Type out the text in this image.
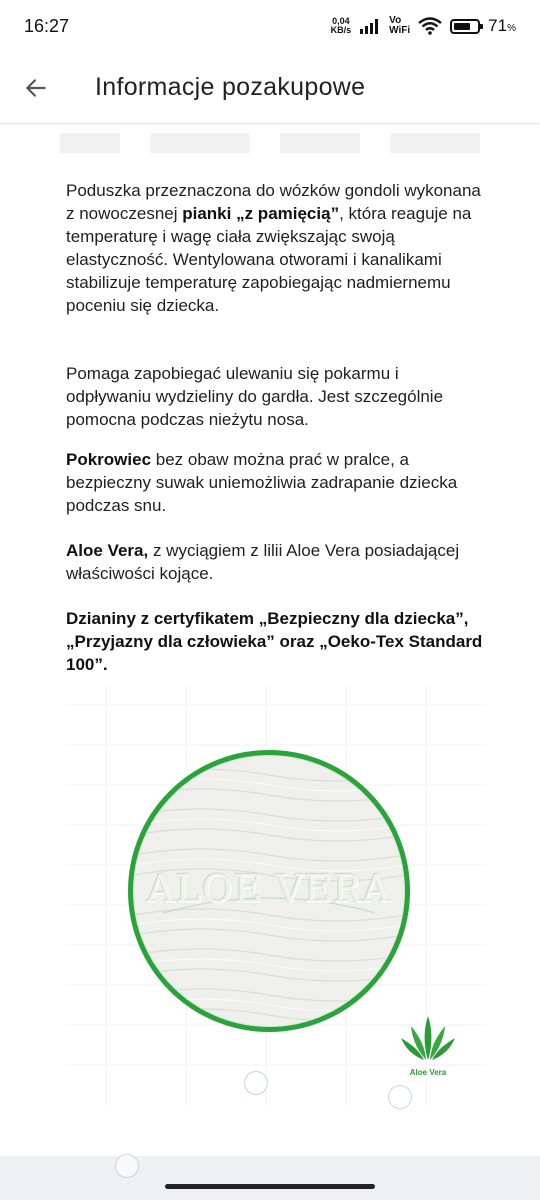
16:27	0,04
KB/s
Vo
WiFi	71%
Informacje pozakupowe

Poduszka przeznaczona do wózków gondoli wykonana z nowoczesnej pianki „z pamięcią”, która reaguje na temperaturę i wagę ciała zwiększając swoją elastyczność. Wentylowana otworami i kanalikami stabilizuje temperaturę zapobiegając nadmiernemu poceniu się dziecka.

Pomaga zapobiegać ulewaniu się pokarmu i odpływaniu wydzieliny do gardła. Jest szczególnie pomocna podczas nieżytu nosa.

Pokrowiec bez obaw można prać w pralce, a bezpieczny suwak uniemożliwia zadrapanie dziecka podczas snu.

Aloe Vera, z wyciągiem z lilii Aloe Vera posiadającej właściwości kojące.

Dzianiny z certyfikatem „Bezpieczny dla dziecka”, „Przyjazny dla człowieka” oraz „Oeko-Tex Standard 100”.

ALOE VERA
Aloe Vera
